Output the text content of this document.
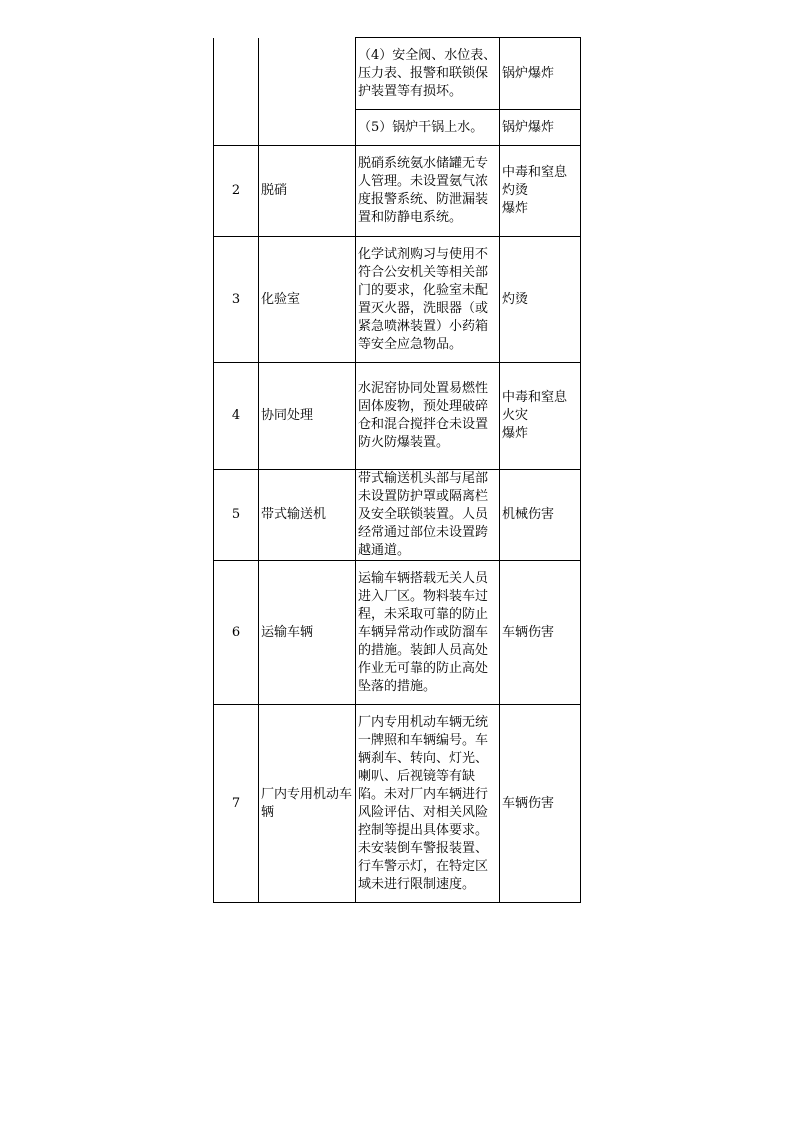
		（4）安全阀、水位表、压力表、报警和联锁保护装置等有损坏。	锅炉爆炸

		（5）锅炉干锅上水。	锅炉爆炸

2	脱硝	脱硝系统氨水储罐无专人管理。未设置氨气浓度报警系统、防泄漏装置和防静电系统。	中毒和窒息
灼烫
爆炸

3	化验室	化学试剂购习与使用不符合公安机关等相关部门的要求，化验室未配置灭火器，洗眼器（或紧急喷淋装置）小药箱等安全应急物品。	灼烫

4	协同处理	水泥窑协同处置易燃性固体废物，预处理破碎仓和混合搅拌仓未设置防火防爆装置。	中毒和窒息
火灾
爆炸

5	带式输送机	带式输送机头部与尾部未设置防护罩或隔离栏及安全联锁装置。人员经常通过部位未设置跨越通道。	机械伤害

6	运输车辆	运输车辆搭载无关人员进入厂区。物料装车过程，未采取可靠的防止车辆异常动作或防溜车的措施。装卸人员高处作业无可靠的防止高处坠落的措施。	车辆伤害

7	厂内专用机动车辆	厂内专用机动车辆无统一牌照和车辆编号。车辆刹车、转向、灯光、喇叭、后视镜等有缺陷。未对厂内车辆进行风险评估、对相关风险控制等提出具体要求。未安装倒车警报装置、行车警示灯，在特定区域未进行限制速度。	车辆伤害
